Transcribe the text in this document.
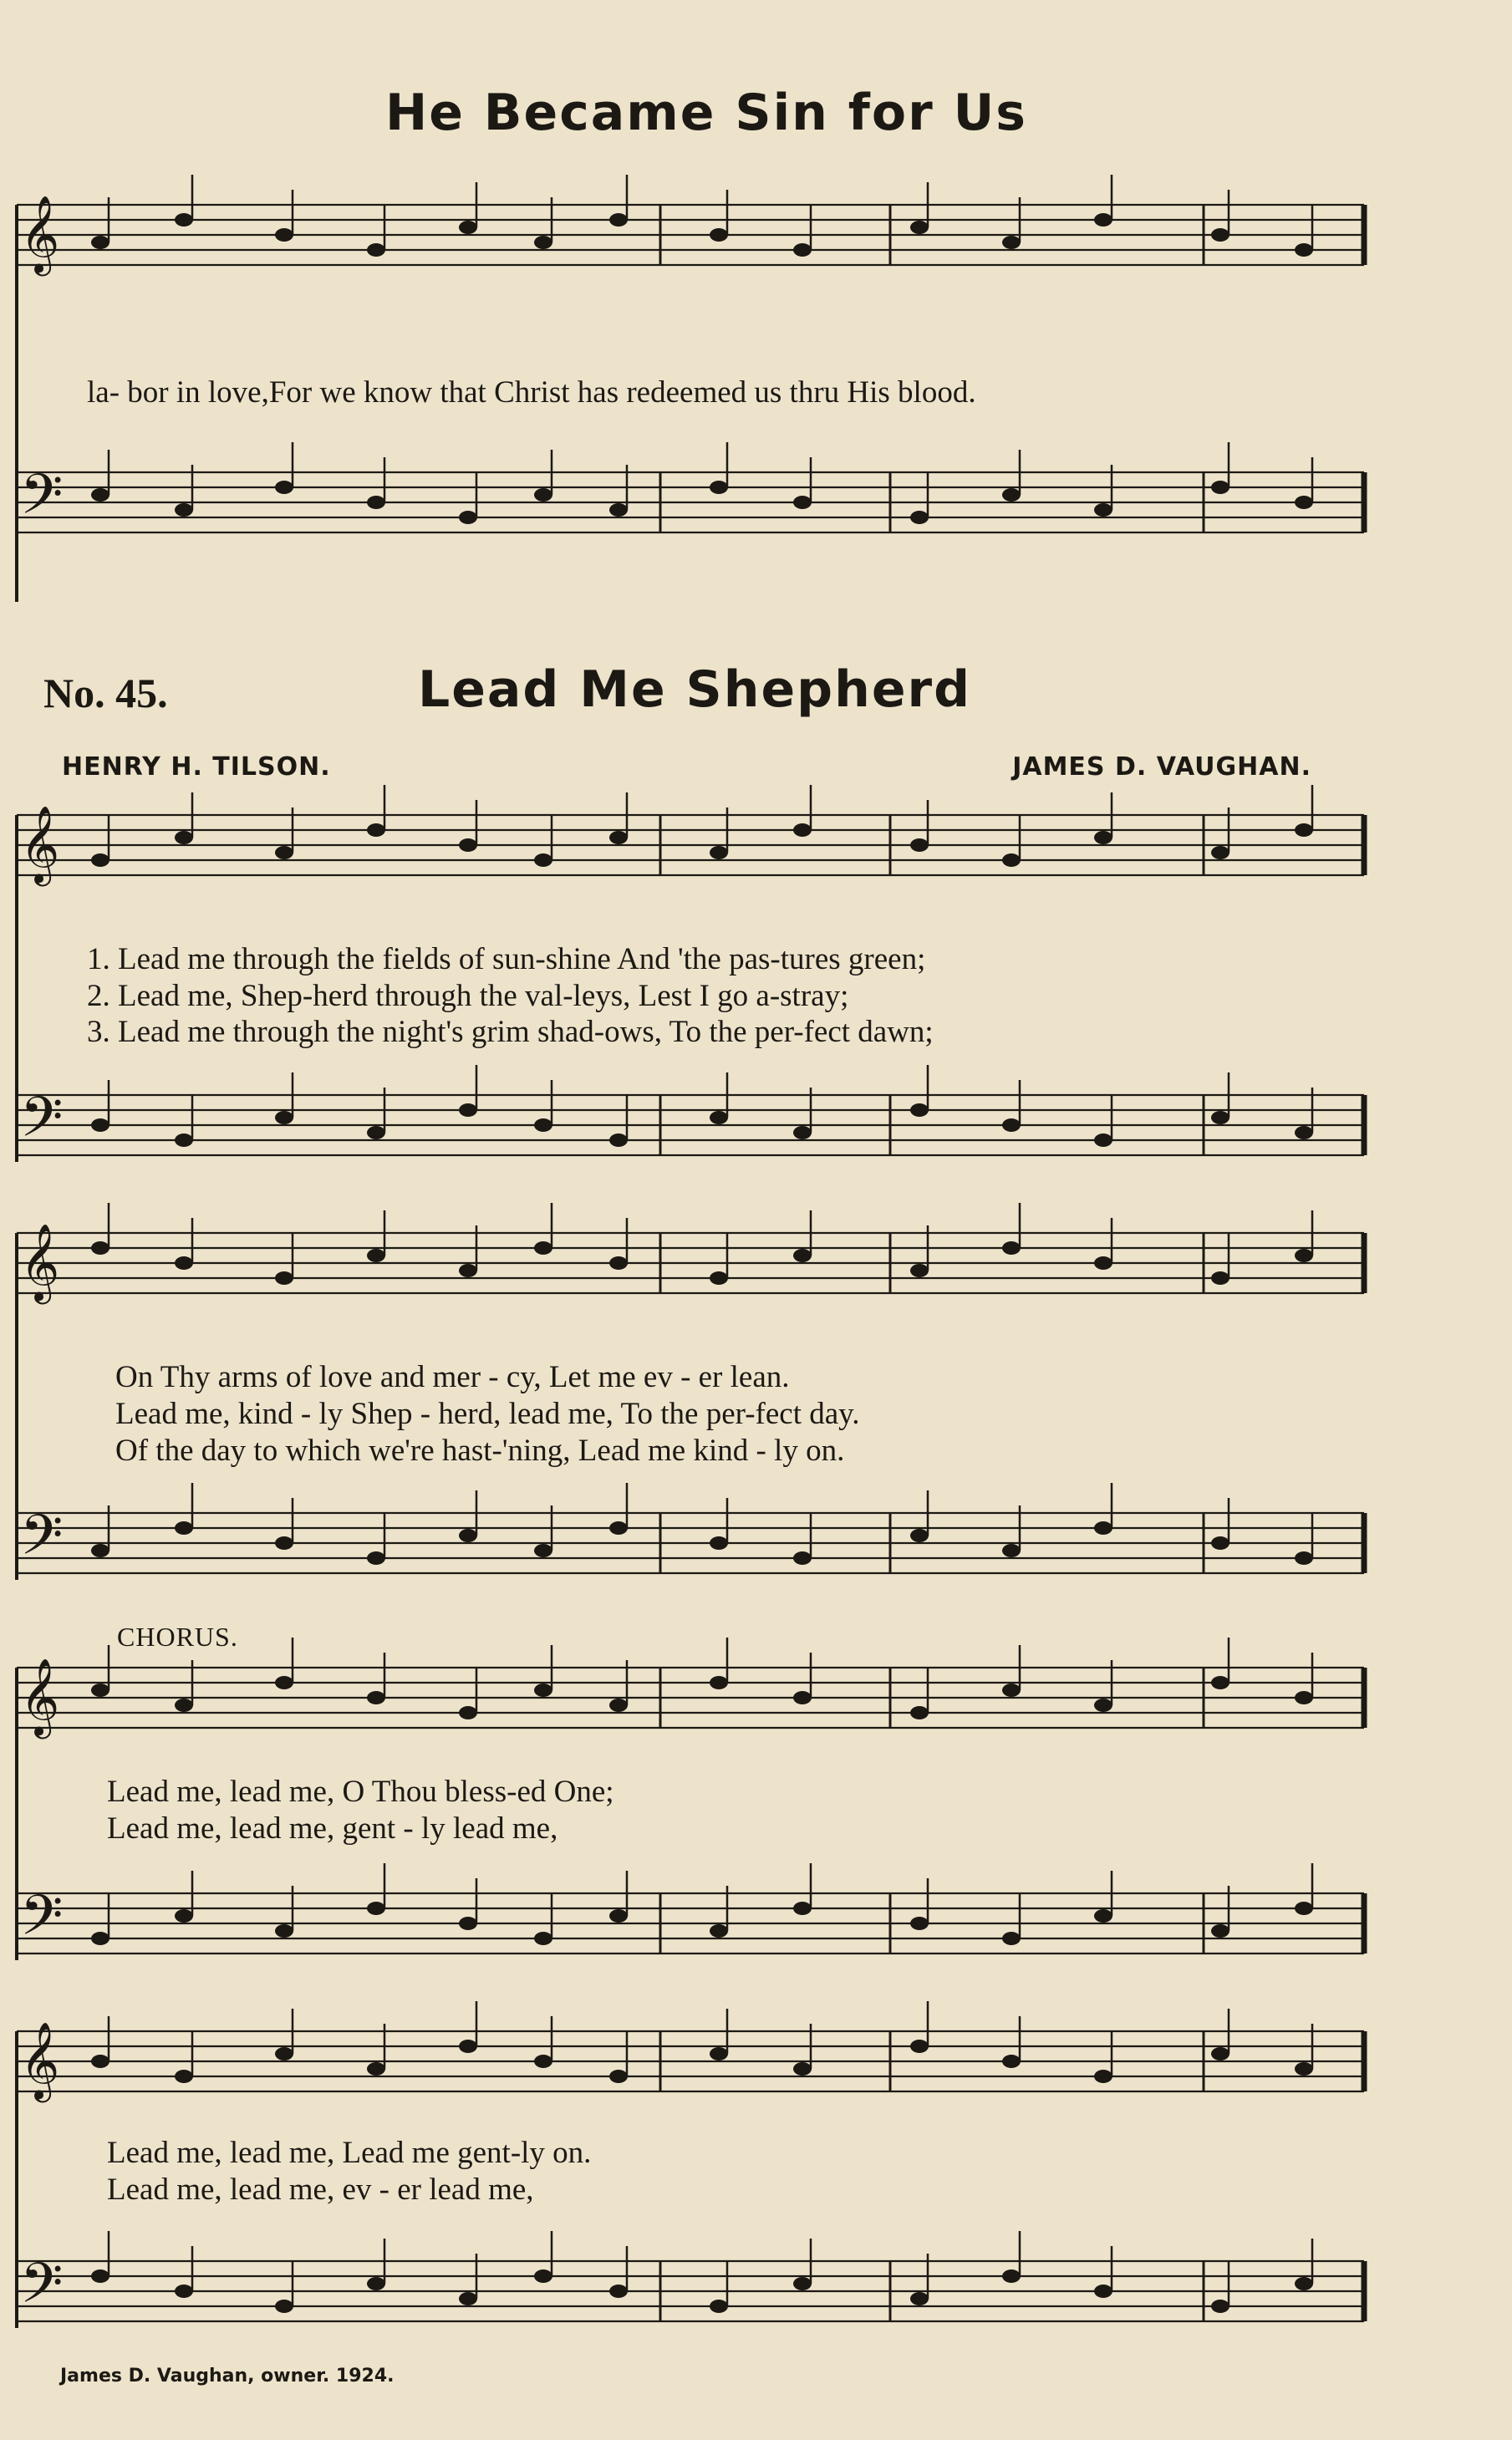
𝄞
𝄢
𝄞
𝄢
𝄞
𝄢
𝄞
𝄢
𝄞
𝄢
He Became Sin for Us
la- bor in love,For we know that Christ has redeemed us thru His blood.
No. 45.	Lead Me Shepherd
HENRY H. TILSON.	JAMES D. VAUGHAN.
1. Lead me through the fields of sun-shine And 'the pas-tures green;
2. Lead me, Shep-herd through the val-leys, Lest I go a-stray;
3. Lead me through the night's grim shad-ows, To the per-fect dawn;
On Thy arms of love and mer - cy, Let me ev - er lean.
Lead me, kind - ly Shep - herd, lead me, To the per-fect day.
Of the day to which we're hast-'ning, Lead me kind - ly on.
CHORUS.
Lead me, lead me, O Thou bless-ed One;
Lead me, lead me, gent - ly lead me,
Lead me, lead me, Lead me gent-ly on.
Lead me, lead me, ev - er lead me,
James D. Vaughan, owner. 1924.
